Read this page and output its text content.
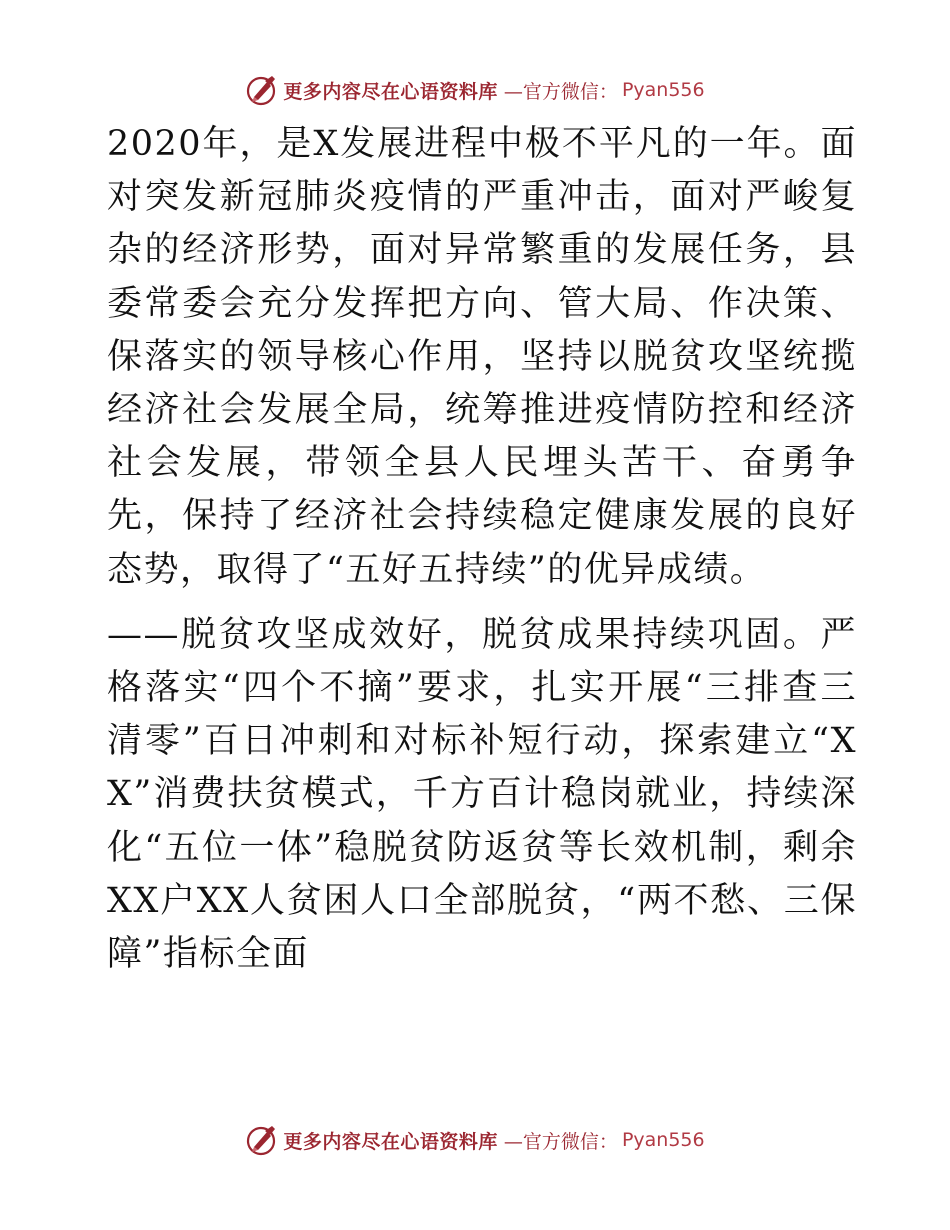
更多内容尽在心语资料库 —官方微信： Pyan556

2020年，是X发展进程中极不平凡的一年。面对突发新冠肺炎疫情的严重冲击，面对严峻复杂的经济形势，面对异常繁重的发展任务，县委常委会充分发挥把方向、管大局、作决策、保落实的领导核心作用，坚持以脱贫攻坚统揽经济社会发展全局，统筹推进疫情防控和经济社会发展，带领全县人民埋头苦干、奋勇争先，保持了经济社会持续稳定健康发展的良好态势，取得了“五好五持续”的优异成绩。

——脱贫攻坚成效好，脱贫成果持续巩固。严格落实“四个不摘”要求，扎实开展“三排查三清零”百日冲刺和对标补短行动，探索建立“XX”消费扶贫模式，千方百计稳岗就业，持续深化“五位一体”稳脱贫防返贫等长效机制，剩余XX户XX人贫困人口全部脱贫，“两不愁、三保障”指标全面

更多内容尽在心语资料库 —官方微信： Pyan556
